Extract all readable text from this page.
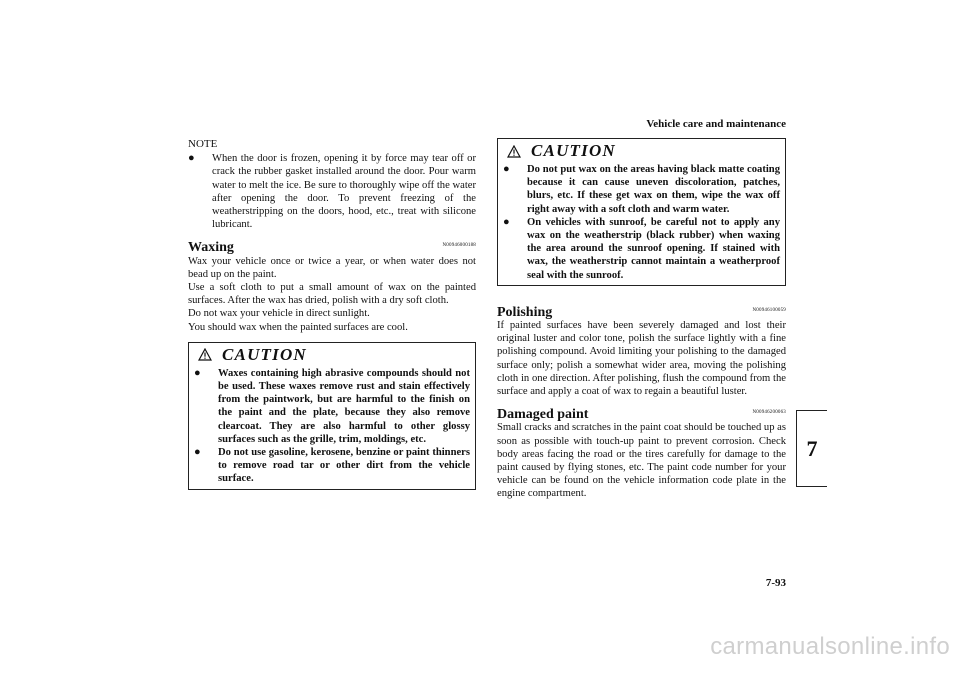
Vehicle care and maintenance
7
NOTE
●	When the door is frozen, opening it by force may tear off or crack the rubber gasket installed around the door. Pour warm water to melt the ice. Be sure to thoroughly wipe off the water after opening the door. To prevent freezing of the weatherstripping on the doors, hood, etc., treat with silicone lubricant.
Waxing	N00946000188
Wax your vehicle once or twice a year, or when water does not bead up on the paint.
Use a soft cloth to put a small amount of wax on the painted surfaces. After the wax has dried, polish with a dry soft cloth.
Do not wax your vehicle in direct sunlight.
You should wax when the painted surfaces are cool.
CAUTION
●	Waxes containing high abrasive compounds should not be used. These waxes remove rust and stain effectively from the paintwork, but are harmful to the finish on the paint and the plate, because they also remove clearcoat. They are also harmful to other glossy surfaces such as the grille, trim, moldings, etc.
●	Do not use gasoline, kerosene, benzine or paint thinners to remove road tar or other dirt from the vehicle surface.
CAUTION
●	Do not put wax on the areas having black matte coating because it can cause uneven discoloration, patches, blurs, etc. If these get wax on them, wipe the wax off right away with a soft cloth and warm water.
●	On vehicles with sunroof, be careful not to apply any wax on the weatherstrip (black rubber) when waxing the area around the sunroof opening. If stained with wax, the weatherstrip cannot maintain a weatherproof seal with the sunroof.
Polishing	N00946100059
If painted surfaces have been severely damaged and lost their original luster and color tone, polish the surface lightly with a fine polishing compound. Avoid limiting your polishing to the damaged surface only; polish a somewhat wider area, moving the polishing cloth in one direction. After polishing, flush the compound from the surface and apply a coat of wax to regain a beautiful luster.
Damaged paint	N00946200063
Small cracks and scratches in the paint coat should be touched up as soon as possible with touch-up paint to prevent corrosion. Check body areas facing the road or the tires carefully for damage to the paint caused by flying stones, etc. The paint code number for your vehicle can be found on the vehicle information code plate in the engine compartment.
7-93
carmanualsonline.info
